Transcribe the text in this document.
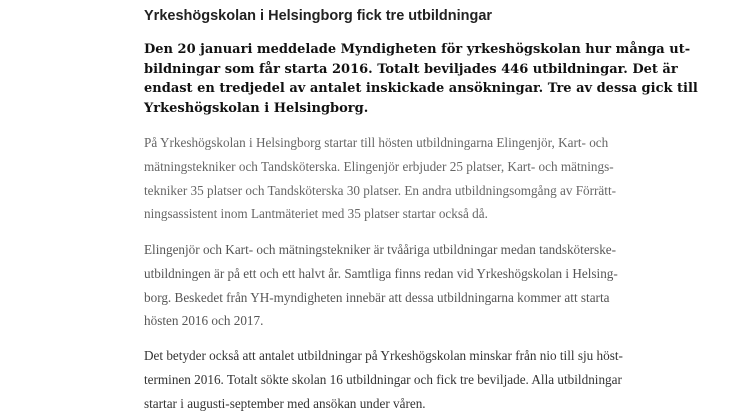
Yrkeshögskolan i Helsingborg fick tre utbildningar

Den 20 januari meddelade Myndigheten för yrkeshögskolan hur många ut-
bildningar som får starta 2016. Totalt beviljades 446 utbildningar. Det är
endast en tredjedel av antalet inskickade ansökningar. Tre av dessa gick till
Yrkeshögskolan i Helsingborg.

På Yrkeshögskolan i Helsingborg startar till hösten utbildningarna Elingenjör, Kart- och
mätningstekniker och Tandsköterska. Elingenjör erbjuder 25 platser, Kart- och mätnings-
tekniker 35 platser och Tandsköterska 30 platser. En andra utbildningsomgång av Förrätt-
ningsassistent inom Lantmäteriet med 35 platser startar också då.

Elingenjör och Kart- och mätningstekniker är tvååriga utbildningar medan tandsköterske-
utbildningen är på ett och ett halvt år. Samtliga finns redan vid Yrkeshögskolan i Helsing-
borg. Beskedet från YH-myndigheten innebär att dessa utbildningarna kommer att starta
hösten 2016 och 2017.

Det betyder också att antalet utbildningar på Yrkeshögskolan minskar från nio till sju höst-
terminen 2016. Totalt sökte skolan 16 utbildningar och fick tre beviljade. Alla utbildningar
startar i augusti-september med ansökan under våren.
